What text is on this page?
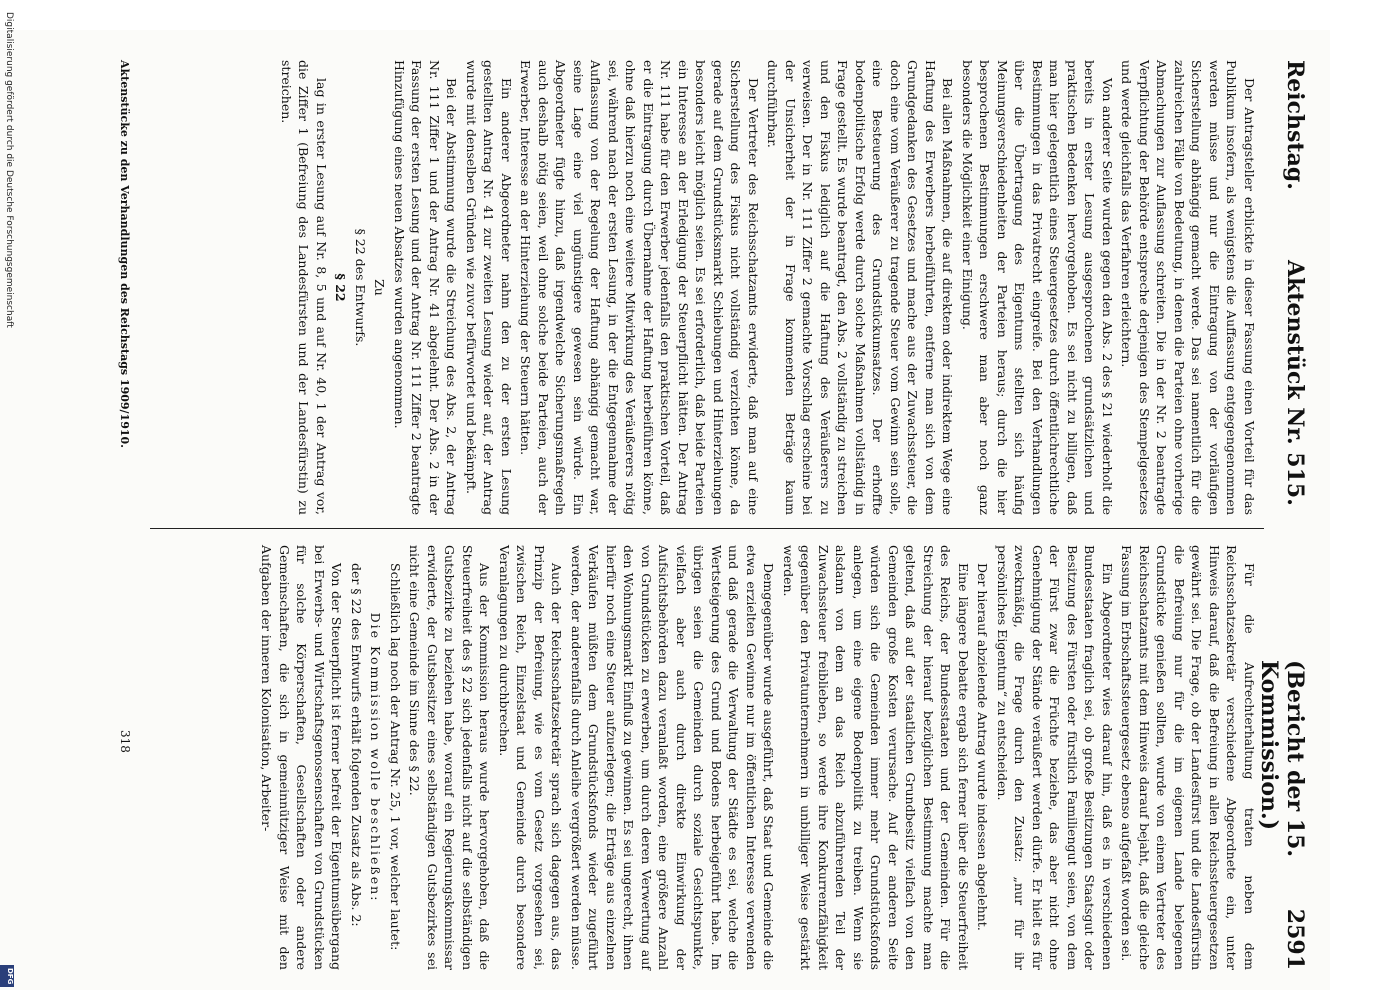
Reichstag.
Aktenstück Nr. 515.
(Bericht der 15. Kommission.)
2591

Der Antragsteller erblickte in dieser Fassung einen Vorteil für das Publikum insofern, als wenigstens die Auffassung entgegengenommen werden müsse und nur die Eintragung von der vorläufigen Sicherstellung abhängig gemacht werde. Das sei namentlich für die zahlreichen Fälle von Bedeutung, in denen die Parteien ohne vorherige Abmachungen zur Auflassung schreiten. Die in der Nr. 2 beantragte Verpflichtung der Behörde entspreche derjenigen des Stempelgesetzes und werde gleichfalls das Verfahren erleichtern.

Von anderer Seite wurden gegen den Abs. 2 des § 21 wiederholt die bereits in erster Lesung ausgesprochenen grundsätzlichen und praktischen Bedenken hervorgehoben. Es sei nicht zu billigen, daß man hier gelegentlich eines Steuergesetzes durch öffentlichrechtliche Bestimmungen in das Privatrecht eingreife. Bei den Verhandlungen über die Übertragung des Eigentums stellten sich häufig Meinungsverschiedenheiten der Parteien heraus; durch die hier besprochenen Bestimmungen erschwere man aber noch ganz besonders die Möglichkeit einer Einigung.

Bei allen Maßnahmen, die auf direktem oder indirektem Wege eine Haftung des Erwerbers herbeiführten, entferne man sich von dem Grundgedanken des Gesetzes und mache aus der Zuwachssteuer, die doch eine vom Veräußerer zu tragende Steuer vom Gewinn sein solle, eine Besteuerung des Grundstückumsatzes. Der erhoffte bodenpolitische Erfolg werde durch solche Maßnahmen vollständig in Frage gestellt. Es wurde beantragt, den Abs. 2 vollständig zu streichen und den Fiskus lediglich auf die Haftung des Veräußerers zu verweisen. Der in Nr. 111 Ziffer 2 gemachte Vorschlag erscheine bei der Unsicherheit der in Frage kommenden Beträge kaum durchführbar.

Der Vertreter des Reichsschatzamts erwiderte, daß man auf eine Sicherstellung des Fiskus nicht vollständig verzichten könne, da gerade auf dem Grundstücksmarkt Schiebungen und Hinterziehungen besonders leicht möglich seien. Es sei erforderlich, daß beide Parteien ein Interesse an der Erledigung der Steuerpflicht hätten. Der Antrag Nr. 111 habe für den Erwerber jedenfalls den praktischen Vorteil, daß er die Eintragung durch Übernahme der Haftung herbeiführen könne, ohne daß hierzu noch eine weitere Mitwirkung des Veräußerers nötig sei, während nach der ersten Lesung, in der die Entgegennahme der Auflassung von der Regelung der Haftung abhängig gemacht war, seine Lage eine viel ungünstigere gewesen sein würde. Ein Abgeordneter fügte hinzu, daß irgendwelche Sicherungsmaßregeln auch deshalb nötig seien, weil ohne solche beide Parteien, auch der Erwerber, Interesse an der Hinterziehung der Steuern hätten.

Ein anderer Abgeordneter nahm den zu der ersten Lesung gestellten Antrag Nr. 41 zur zweiten Lesung wieder auf, der Antrag wurde mit denselben Gründen wie zuvor befürwortet und bekämpft.

Bei der Abstimmung wurde die Streichung des Abs. 2, der Antrag Nr. 111 Ziffer 1 und der Antrag Nr. 41 abgelehnt. Der Abs. 2 in der Fassung der ersten Lesung und der Antrag Nr. 111 Ziffer 2 beantragte Hinzufügung eines neuen Absatzes wurden angenommen.

Zu

§ 22 des Entwurfs.

§ 22

lag in erster Lesung auf Nr. 8, 5 und auf Nr. 40, 1 der Antrag vor, die Ziffer 1 (Befreiung des Landesfürsten und der Landesfürstin) zu streichen.

Für die Aufrechterhaltung traten neben dem Reichsschatzsekretär verschiedene Abgeordnete ein, unter Hinweis darauf, daß die Befreiung in allen Reichssteuergesetzen gewährt sei. Die Frage, ob der Landesfürst und die Landesfürstin die Befreiung nur für die im eigenen Lande belegenen Grundstücke genießen sollten, wurde von einem Vertreter des Reichsschatzamts mit dem Hinweis darauf bejaht, daß die gleiche Fassung im Erbschaftssteuergesetz ebenso aufgefaßt worden sei.

Ein Abgeordneter wies darauf hin, daß es in verschiedenen Bundesstaaten fraglich sei, ob große Besitzungen Staatsgut oder Besitzung des Fürsten oder fürstlich Familiengut seien, von dem der Fürst zwar die Früchte beziehe, das aber nicht ohne Genehmigung der Stände veräußert werden dürfe. Er hielt es für zweckmäßig, die Frage durch den Zusatz: „nur für ihr persönliches Eigentum“ zu entscheiden.

Der hierauf abzielende Antrag wurde indessen abgelehnt.

Eine längere Debatte ergab sich ferner über die Steuerfreiheit des Reichs, der Bundesstaaten und der Gemeinden. Für die Streichung der hierauf bezüglichen Bestimmung machte man geltend, daß auf der staatlichen Grundbesitz vielfach von den Gemeinden große Kosten verursache. Auf der anderen Seite würden sich die Gemeinden immer mehr Grundstücksfonds anlegen, um eine eigene Bodenpolitik zu treiben. Wenn sie alsdann von dem an das Reich abzuführenden Teil der Zuwachssteuer freiblieben, so werde ihre Konkurrenzfähigkeit gegenüber den Privatunternehmern in unbilliger Weise gestärkt werden.

Demgegenüber wurde ausgeführt, daß Staat und Gemeinde die etwa erzielten Gewinne nur im öffentlichen Interesse verwenden und daß gerade die Verwaltung der Städte es sei, welche die Wertsteigerung des Grund und Bodens herbeigeführt habe. Im übrigen seien die Gemeinden durch soziale Gesichtspunkte, vielfach aber auch durch direkte Einwirkung der Aufsichtsbehörden dazu veranlaßt worden, eine größere Anzahl von Grundstücken zu erwerben, um durch deren Verwertung auf den Wohnungsmarkt Einfluß zu gewinnen. Es sei ungerecht, ihnen hierfür noch eine Steuer aufzuerlegen; die Erträge aus einzelnen Verkäufen müßten dem Grundstücksfonds wieder zugeführt werden, der anderenfalls durch Anleihe vergrößert werden müsse.

Auch der Reichsschatzsekretär sprach sich dagegen aus, das Prinzip der Befreiung, wie es vom Gesetz vorgesehen sei, zwischen Reich, Einzelstaat und Gemeinde durch besondere Veranlagungen zu durchbrechen.

Aus der Kommission heraus wurde hervorgehoben, daß die Steuerfreiheit des § 22 sich jedenfalls nicht auf die selbständigen Gutsbezirke zu beziehen habe, worauf ein Regierungskommissar erwiderte, der Gutsbesitzer eines selbständigen Gutsbezirkes sei nicht eine Gemeinde im Sinne des § 22.

Schließlich lag noch der Antrag Nr. 25, 1 vor, welcher lautet:

Die Kommission wolle beschließen:

der § 22 des Entwurfs erhält folgenden Zusatz als Abs. 2:

Von der Steuerpflicht ist ferner befreit der Eigentumsübergang bei Erwerbs- und Wirtschaftsgenossenschaften von Grundstücken für solche Körperschaften, Gesellschaften oder andere Gemeinschaften, die sich in gemeinnütziger Weise mit den Aufgaben der inneren Kolonisation, Arbeiter-

Aktenstücke zu den Verhandlungen des Reichstags 1909/1910.
318
Digitalisierung gefördert durch die Deutsche Forschungsgemeinschaft
DFG
